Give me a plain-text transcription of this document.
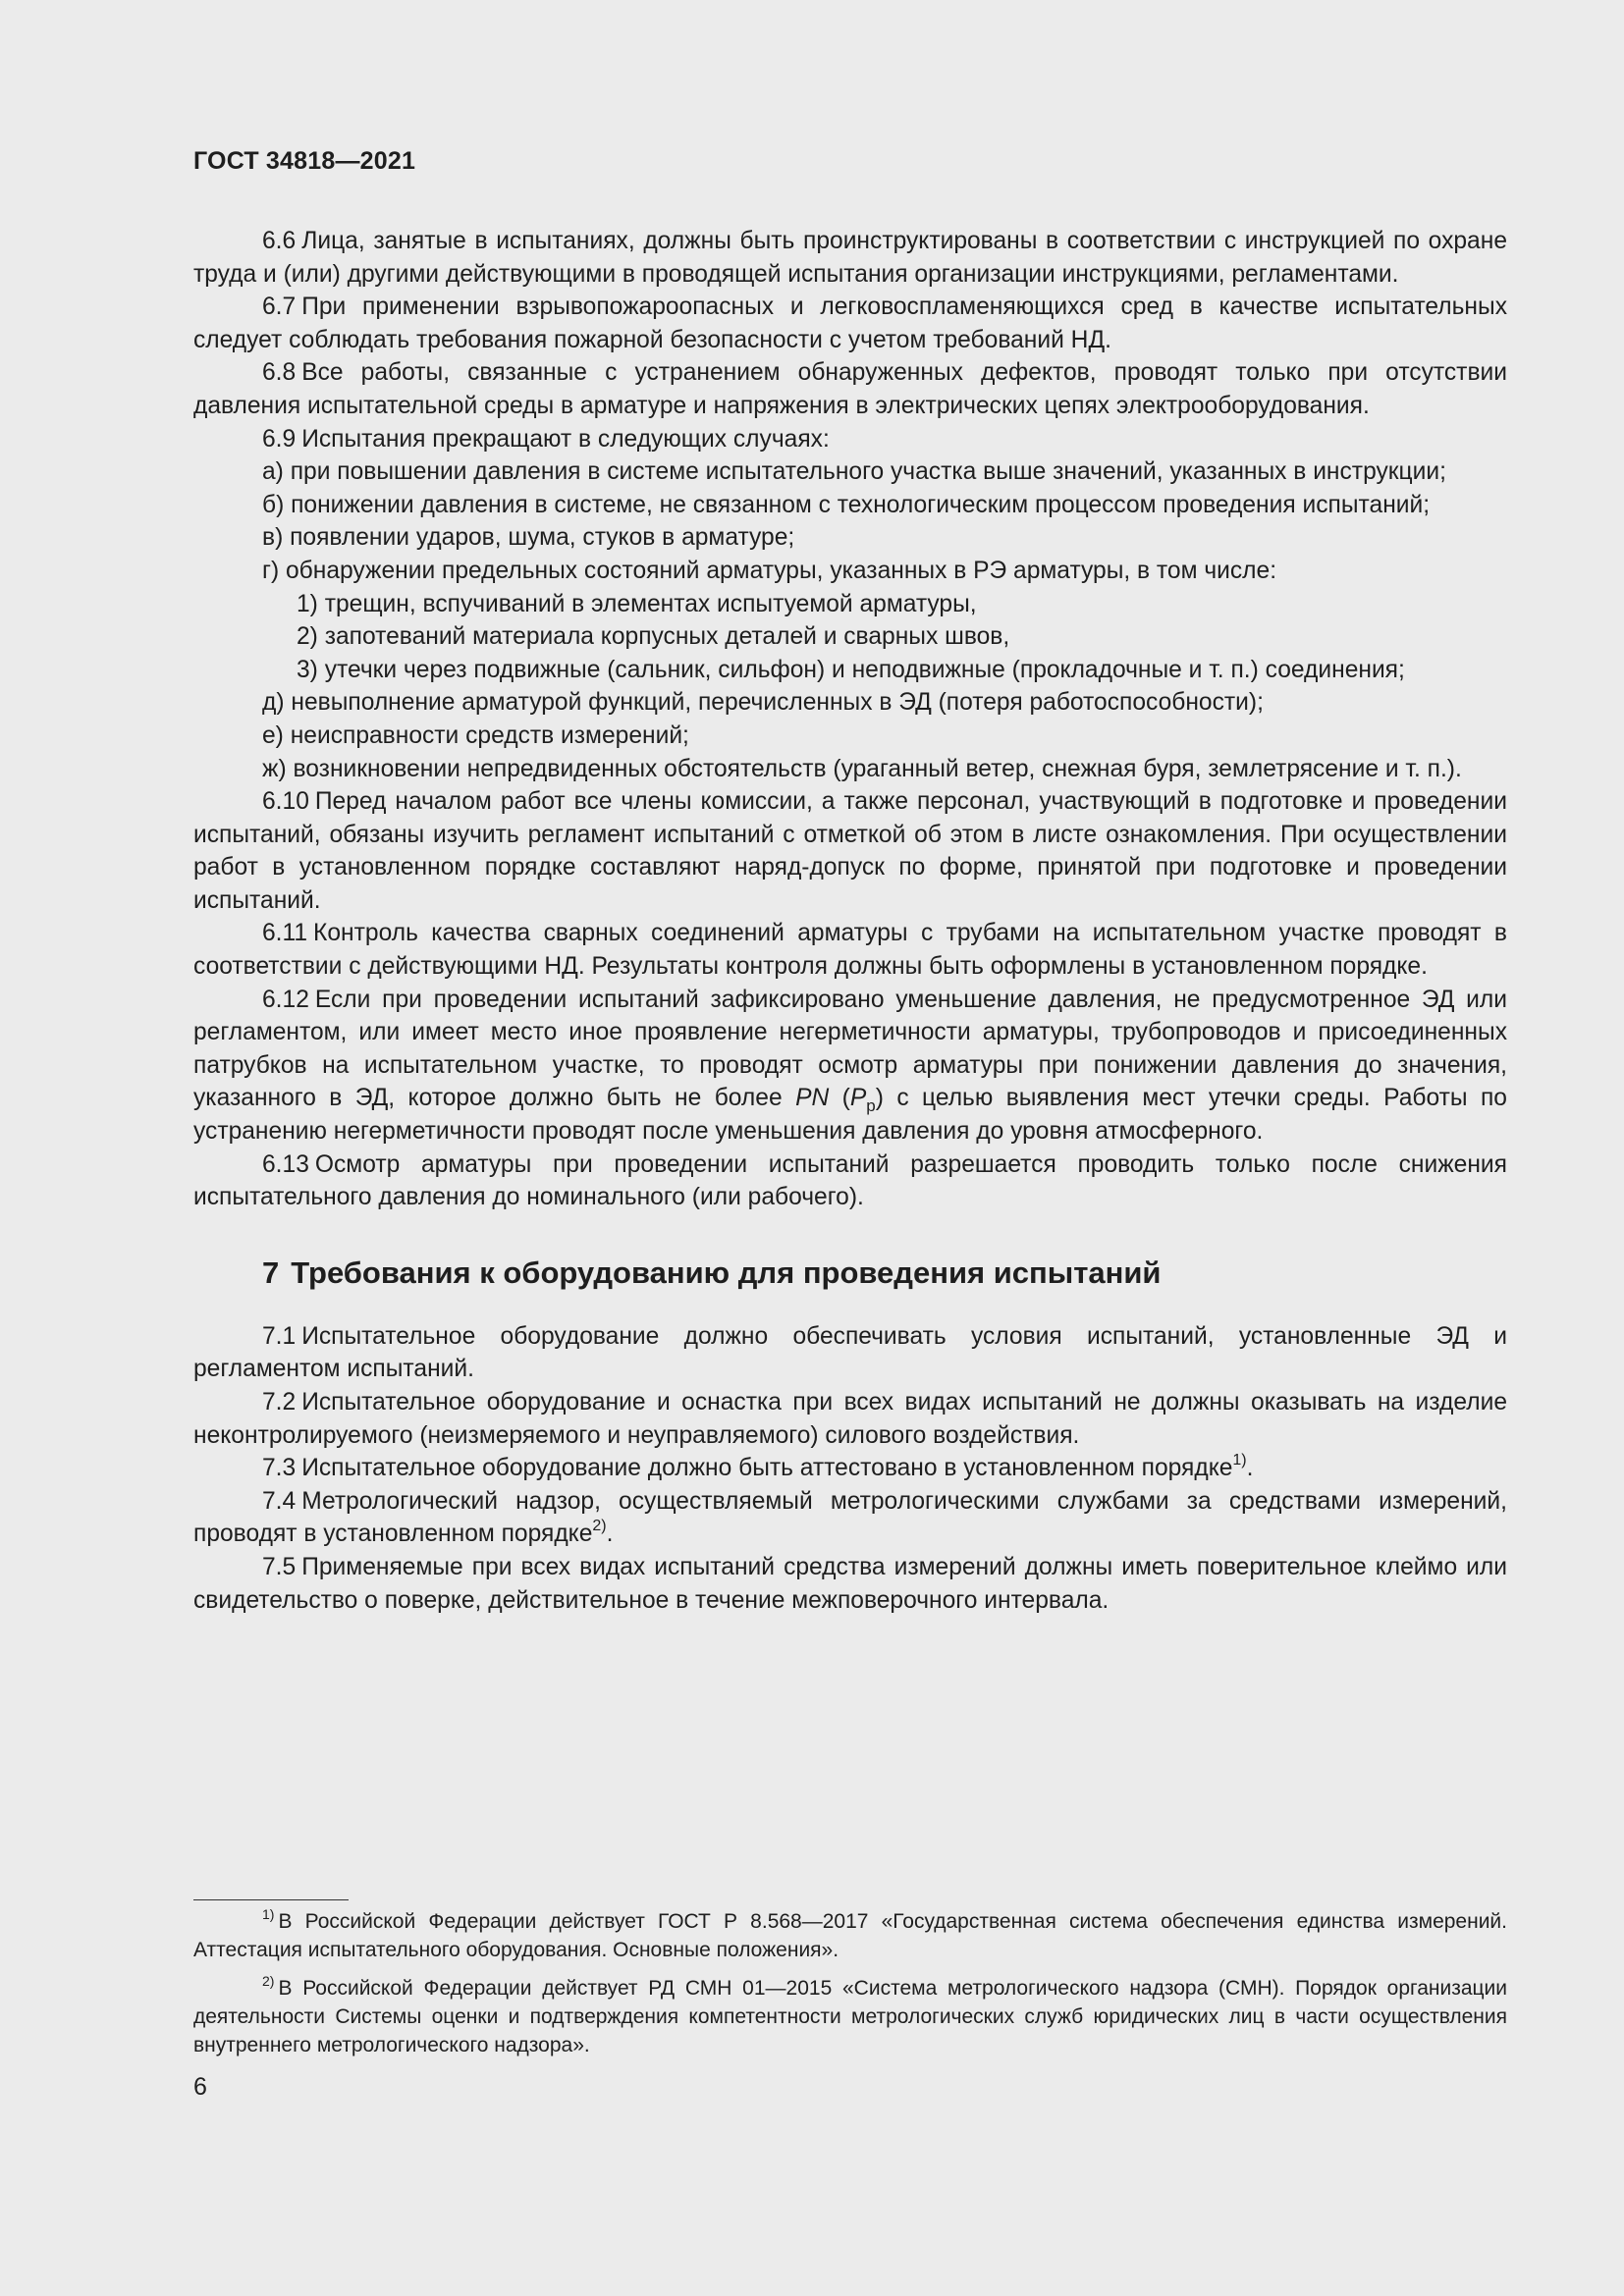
ГОСТ 34818—2021

6.6 Лица, занятые в испытаниях, должны быть проинструктированы в соответствии с инструкцией по охране труда и (или) другими действующими в проводящей испытания организации инструкциями, регламентами.

6.7 При применении взрывопожароопасных и легковоспламеняющихся сред в качестве испытательных следует соблюдать требования пожарной безопасности с учетом требований НД.

6.8 Все работы, связанные с устранением обнаруженных дефектов, проводят только при отсутствии давления испытательной среды в арматуре и напряжения в электрических цепях электрооборудования.

6.9 Испытания прекращают в следующих случаях:

а) при повышении давления в системе испытательного участка выше значений, указанных в инструкции;

б) понижении давления в системе, не связанном с технологическим процессом проведения испытаний;

в) появлении ударов, шума, стуков в арматуре;

г) обнаружении предельных состояний арматуры, указанных в РЭ арматуры, в том числе:

1) трещин, вспучиваний в элементах испытуемой арматуры,

2) запотеваний материала корпусных деталей и сварных швов,

3) утечки через подвижные (сальник, сильфон) и неподвижные (прокладочные и т. п.) соединения;

д) невыполнение арматурой функций, перечисленных в ЭД (потеря работоспособности);

е) неисправности средств измерений;

ж) возникновении непредвиденных обстоятельств (ураганный ветер, снежная буря, землетрясение и т. п.).

6.10 Перед началом работ все члены комиссии, а также персонал, участвующий в подготовке и проведении испытаний, обязаны изучить регламент испытаний с отметкой об этом в листе ознакомления. При осуществлении работ в установленном порядке составляют наряд-допуск по форме, принятой при подготовке и проведении испытаний.

6.11 Контроль качества сварных соединений арматуры с трубами на испытательном участке проводят в соответствии с действующими НД. Результаты контроля должны быть оформлены в установленном порядке.

6.12 Если при проведении испытаний зафиксировано уменьшение давления, не предусмотренное ЭД или регламентом, или имеет место иное проявление негерметичности арматуры, трубопроводов и присоединенных патрубков на испытательном участке, то проводят осмотр арматуры при понижении давления до значения, указанного в ЭД, которое должно быть не более PN $(P_р)$ с целью выявления мест утечки среды. Работы по устранению негерметичности проводят после уменьшения давления до уровня атмосферного.

6.13 Осмотр арматуры при проведении испытаний разрешается проводить только после снижения испытательного давления до номинального (или рабочего).

7 Требования к оборудованию для проведения испытаний

7.1 Испытательное оборудование должно обеспечивать условия испытаний, установленные ЭД и регламентом испытаний.

7.2 Испытательное оборудование и оснастка при всех видах испытаний не должны оказывать на изделие неконтролируемого (неизмеряемого и неуправляемого) силового воздействия.

7.3 Испытательное оборудование должно быть аттестовано в установленном порядке$^{1)}$.

7.4 Метрологический надзор, осуществляемый метрологическими службами за средствами измерений, проводят в установленном порядке$^{2)}$.

7.5 Применяемые при всех видах испытаний средства измерений должны иметь поверительное клеймо или свидетельство о поверке, действительное в течение межповерочного интервала.

$^{1)}$ В Российской Федерации действует ГОСТ Р 8.568—2017 «Государственная система обеспечения единства измерений. Аттестация испытательного оборудования. Основные положения».

$^{2)}$ В Российской Федерации действует РД СМН 01—2015 «Система метрологического надзора (СМН). Порядок организации деятельности Системы оценки и подтверждения компетентности метрологических служб юридических лиц в части осуществления внутреннего метрологического надзора».

6
